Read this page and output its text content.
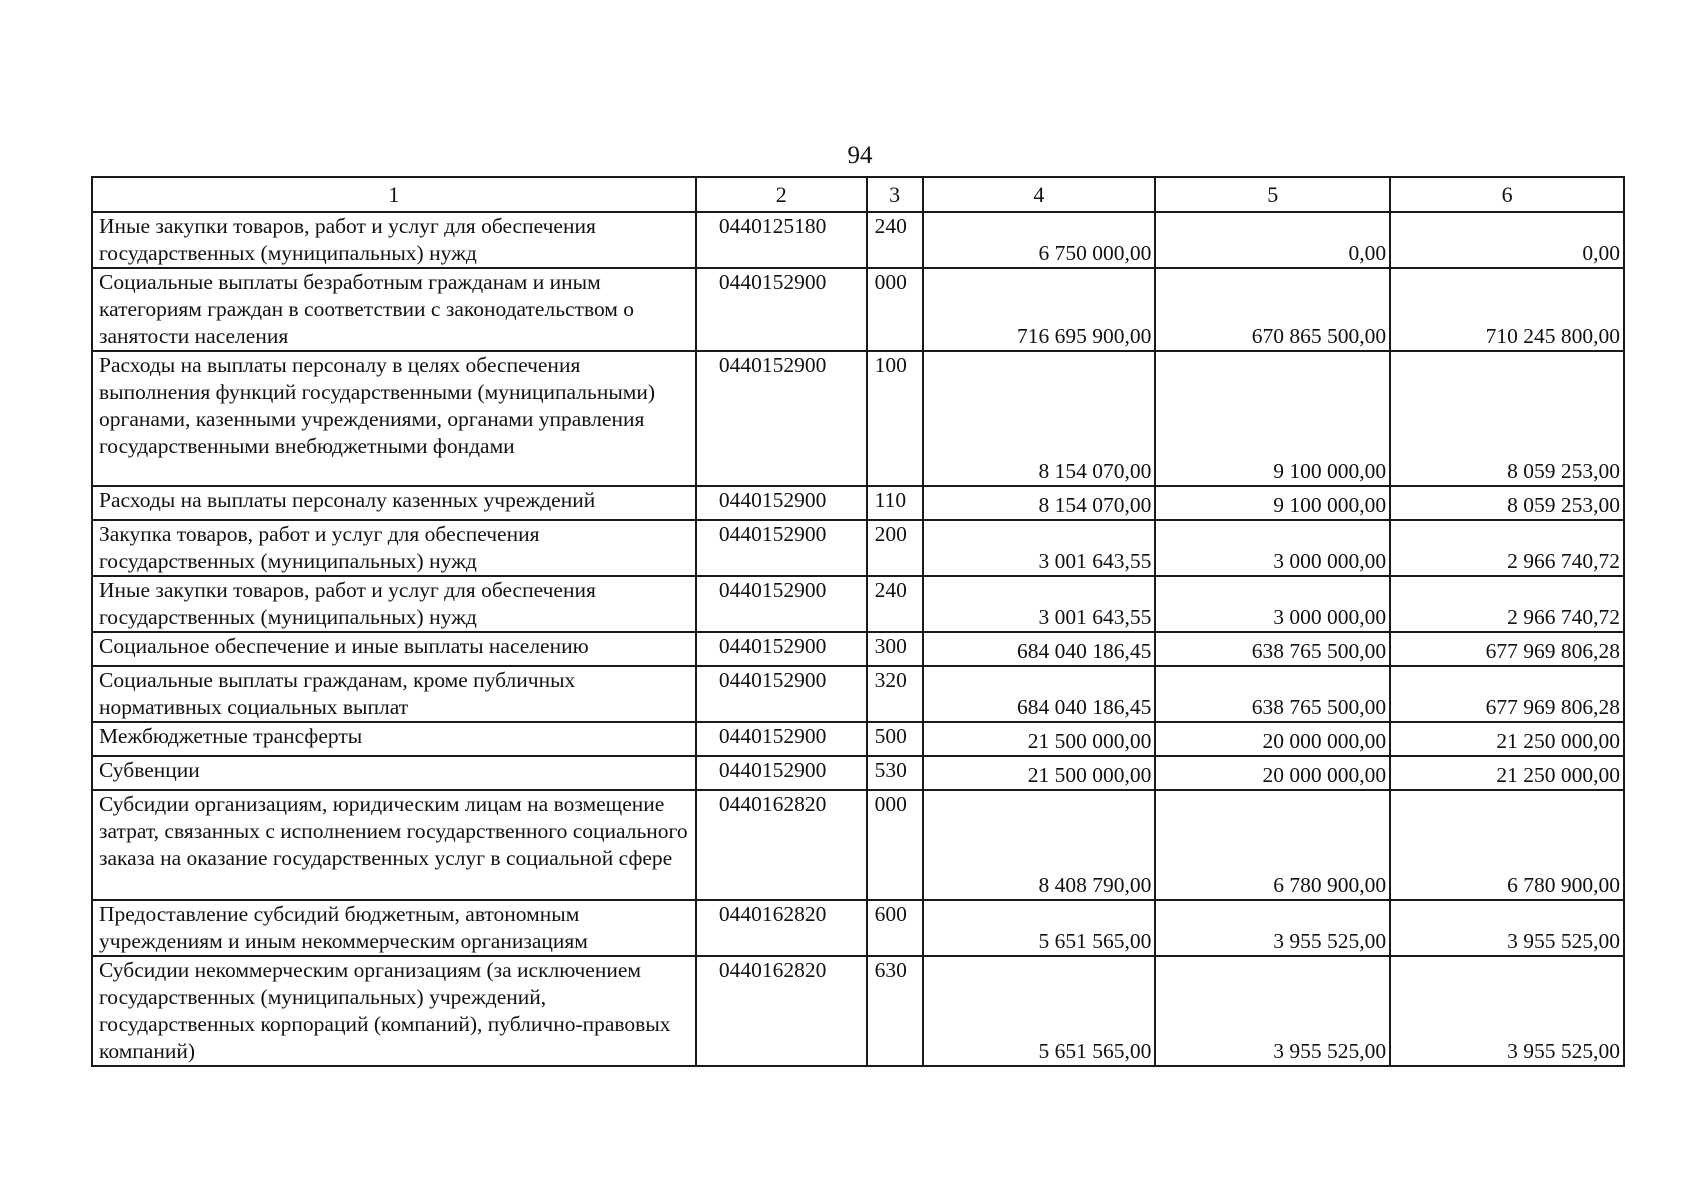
94
1	2	3	4	5	6
Иные закупки товаров, работ и услуг для обеспечения государственных (муниципальных) нужд	0440125180	240	6 750 000,00	0,00	0,00
Социальные выплаты безработным гражданам и иным категориям граждан в соответствии с законодательством о занятости населения	0440152900	000	716 695 900,00	670 865 500,00	710 245 800,00
Расходы на выплаты персоналу в целях обеспечения выполнения функций государственными (муниципальными) органами, казенными учреждениями, органами управления государственными внебюджетными фондами	0440152900	100	8 154 070,00	9 100 000,00	8 059 253,00
Расходы на выплаты персоналу казенных учреждений	0440152900	110	8 154 070,00	9 100 000,00	8 059 253,00
Закупка товаров, работ и услуг для обеспечения государственных (муниципальных) нужд	0440152900	200	3 001 643,55	3 000 000,00	2 966 740,72
Иные закупки товаров, работ и услуг для обеспечения государственных (муниципальных) нужд	0440152900	240	3 001 643,55	3 000 000,00	2 966 740,72
Социальное обеспечение и иные выплаты населению	0440152900	300	684 040 186,45	638 765 500,00	677 969 806,28
Социальные выплаты гражданам, кроме публичных нормативных социальных выплат	0440152900	320	684 040 186,45	638 765 500,00	677 969 806,28
Межбюджетные трансферты	0440152900	500	21 500 000,00	20 000 000,00	21 250 000,00
Субвенции	0440152900	530	21 500 000,00	20 000 000,00	21 250 000,00
Субсидии организациям, юридическим лицам на возмещение затрат, связанных с исполнением государственного социального заказа на оказание государственных услуг в социальной сфере	0440162820	000	8 408 790,00	6 780 900,00	6 780 900,00
Предоставление субсидий бюджетным, автономным учреждениям и иным некоммерческим организациям	0440162820	600	5 651 565,00	3 955 525,00	3 955 525,00
Субсидии некоммерческим организациям (за исключением государственных (муниципальных) учреждений, государственных корпораций (компаний), публично-правовых компаний)	0440162820	630	5 651 565,00	3 955 525,00	3 955 525,00
